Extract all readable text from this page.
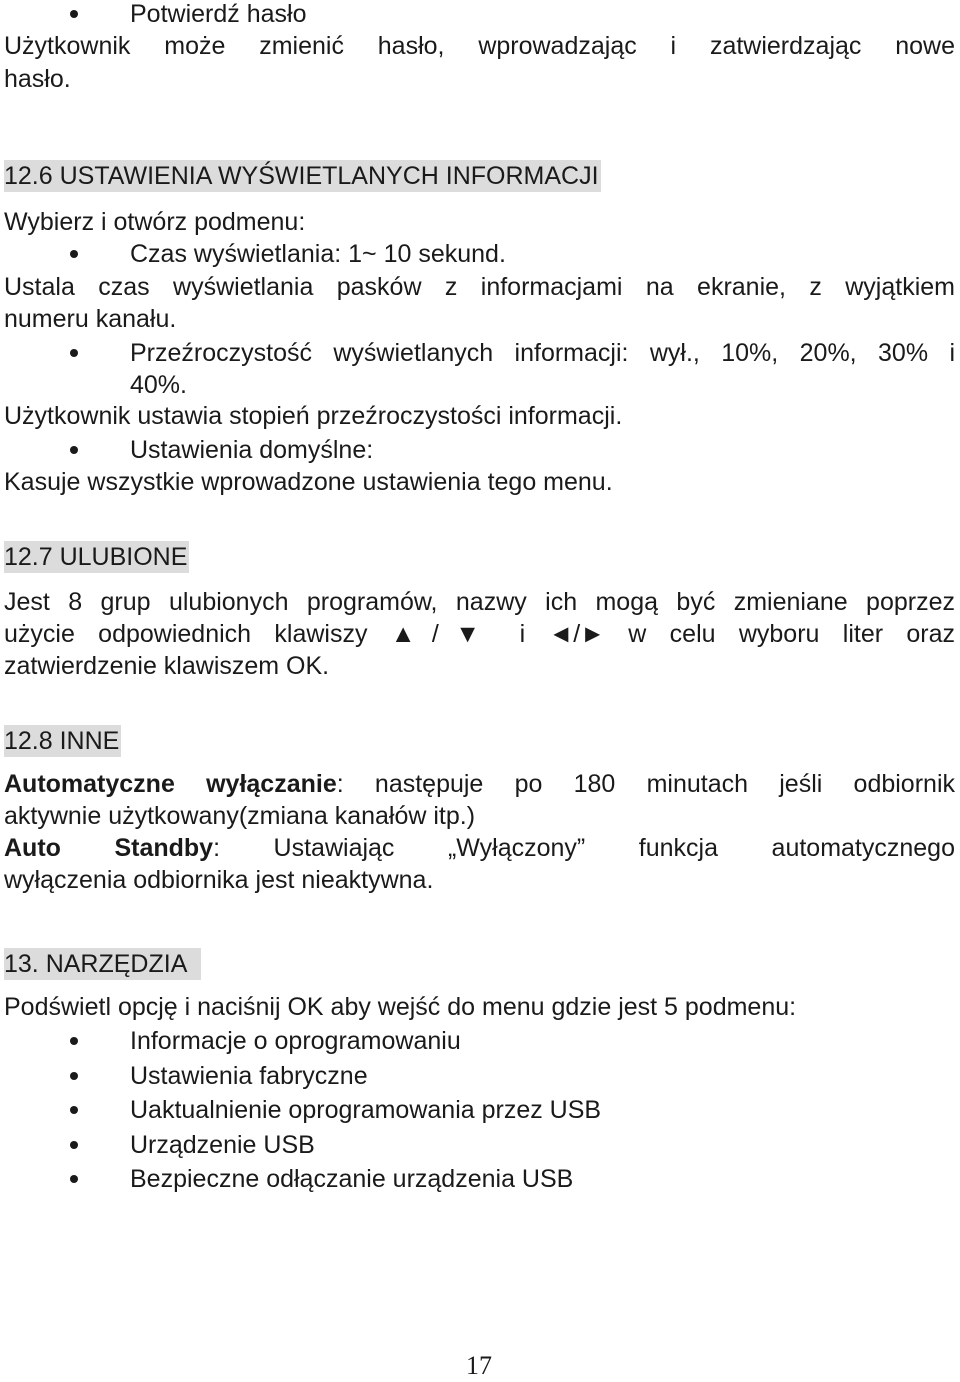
Potwierdź hasło
Użytkownik może zmienić hasło, wprowadzając i zatwierdzając nowe
hasło.
12.6 USTAWIENIA WYŚWIETLANYCH INFORMACJI
Wybierz i otwórz podmenu:
Czas wyświetlania: 1~ 10 sekund.
Ustala czas wyświetlania pasków z informacjami na ekranie, z wyjątkiem
numeru kanału.
Przeźroczystość wyświetlanych informacji: wył., 10%, 20%, 30% i
40%.
Użytkownik ustawia stopień przeźroczystości informacji.
Ustawienia domyślne:
Kasuje wszystkie wprowadzone ustawienia tego menu.
12.7 ULUBIONE
Jest 8 grup ulubionych programów, nazwy ich mogą być zmieniane poprzez
użycie odpowiednich klawiszy ▲/▼ i ◄/► w celu wyboru liter oraz
zatwierdzenie klawiszem OK.
12.8 INNE
Automatyczne wyłączanie: następuje po 180 minutach jeśli odbiornik
aktywnie użytkowany(zmiana kanałów itp.)
Auto Standby: Ustawiając „Wyłączony” funkcja automatycznego
wyłączenia odbiornika jest nieaktywna.
13. NARZĘDZIA
Podświetl opcję i naciśnij OK aby wejść do menu gdzie jest 5 podmenu:
Informacje o oprogramowaniu
Ustawienia fabryczne
Uaktualnienie oprogramowania przez USB
Urządzenie USB
Bezpieczne odłączanie urządzenia USB
17
